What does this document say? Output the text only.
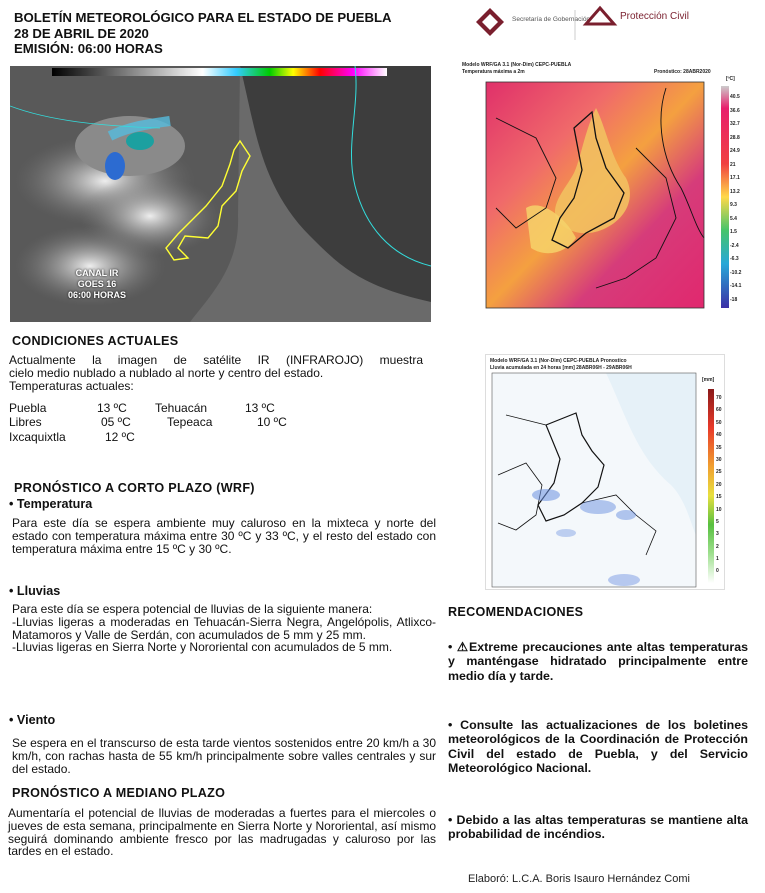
BOLETÍN METEOROLÓGICO PARA EL ESTADO DE PUEBLA
28 DE ABRIL DE 2020
EMISIÓN: 06:00 HORAS
Secretaría de Gobernación	Protección Civil
CANAL IR
GOES 16
06:00 HORAS
Modelo WRF/GA 3.1 (Nor-Dim) CEPC-PUEBLA
Temperatura máxima a 2m	Pronóstico: 28ABR2020
[ºC]
40.5
36.6
32.7
28.8
24.9
21
17.1
13.2
9.3
5.4
1.5
-2.4
-6.3
-10.2
-14.1
-18
Modelo WRF/GA 3.1 (Nor-Dim) CEPC-PUEBLA Pronostico
Lluvia acumulada en 24 horas [mm] 28ABR06H - 29ABR06H
[mm]
70
60
50
40
35
30
25
20
15
10
5
3
2
1
0
CONDICIONES ACTUALES
Actualmente la imagen de satélite IR (INFRAROJO) muestra
cielo medio nublado a nublado al norte y centro del estado.
Temperaturas actuales:
Puebla	13 ºC Tehuacán	13 ºC
Libres	05 ºC	Tepeaca	10 ºC
Ixcaquixtla	12 ºC
PRONÓSTICO A CORTO PLAZO (WRF)
• Temperatura
Para este día se espera ambiente muy caluroso en la mixteca y norte del estado con temperatura máxima entre 30 ºC y 33 ºC, y el resto del estado con temperatura máxima entre 15 ºC y 30 ºC.
• Lluvias
Para este día se espera potencial de lluvias de la siguiente manera:
-Lluvias ligeras a moderadas en Tehuacán-Sierra Negra, Angelópolis, Atlixco-Matamoros y Valle de Serdán, con acumulados de 5 mm y 25 mm.
-Lluvias ligeras en Sierra Norte y Nororiental con acumulados de 5 mm.
• Viento
Se espera en el transcurso de esta tarde vientos sostenidos entre 20 km/h a 30 km/h, con rachas hasta de 55 km/h principalmente sobre valles centrales y sur del estado.
PRONÓSTICO A MEDIANO PLAZO
Aumentaría el potencial de lluvias de moderadas a fuertes para el miercoles o jueves de esta semana, principalmente en Sierra Norte y Nororiental, así mismo seguirá dominando ambiente fresco por las madrugadas y caluroso por las tardes en el estado.
RECOMENDACIONES
• ⚠Extreme precauciones ante altas temperaturas y manténgase hidratado principalmente entre medio día y tarde.
• Consulte las actualizaciones de los boletines meteorológicos de la Coordinación de Protección Civil del estado de Puebla, y del Servicio Meteorológico Nacional.
• Debido a las altas temperaturas se mantiene alta probabilidad de incéndios.
Elaboró: L.C.A. Boris Isauro Hernández Comi
